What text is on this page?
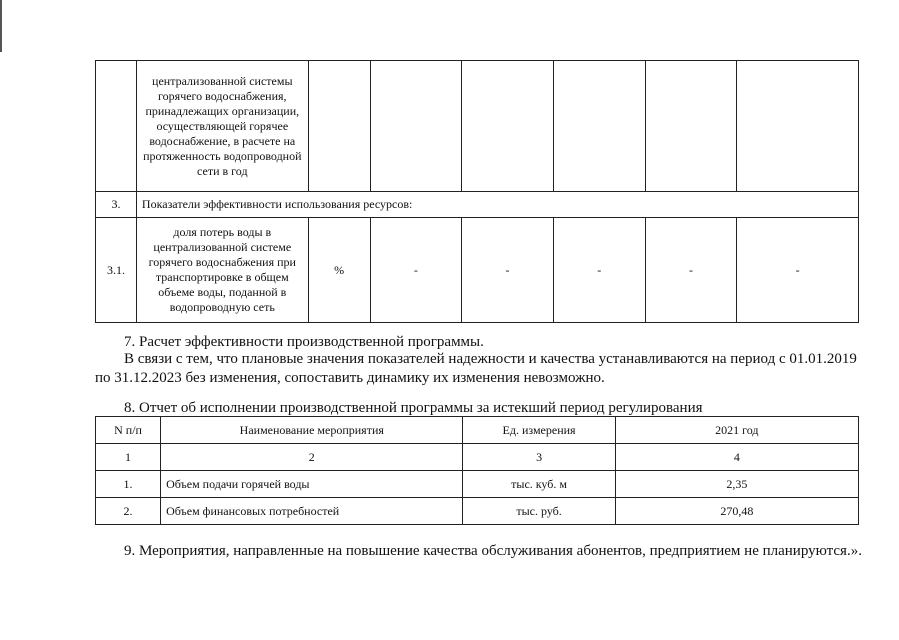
	централизованной системы горячего водоснабжения, принадлежащих организации, осуществляющей горячее водоснабжение, в расчете на протяженность водопроводной сети в год						
3.	Показатели эффективности использования ресурсов:						
3.1.	доля потерь воды в централизованной системе горячего водоснабжения при транспортировке в общем объеме воды, поданной в водопроводную сеть	%	-	-	-	-	-

7. Расчет эффективности производственной программы.

В связи с тем, что плановые значения показателей надежности и качества устанавливаются на период с 01.01.2019 по 31.12.2023 без изменения, сопоставить динамику их изменения невозможно.

8. Отчет об исполнении производственной программы за истекший период регулирования

N п/п	Наименование мероприятия	Ед. измерения	2021 год
1	2	3	4
1.	Объем подачи горячей воды	тыс. куб. м	2,35
2.	Объем финансовых потребностей	тыс. руб.	270,48

9. Мероприятия, направленные на повышение качества обслуживания абонентов, предприятием не планируются.».
